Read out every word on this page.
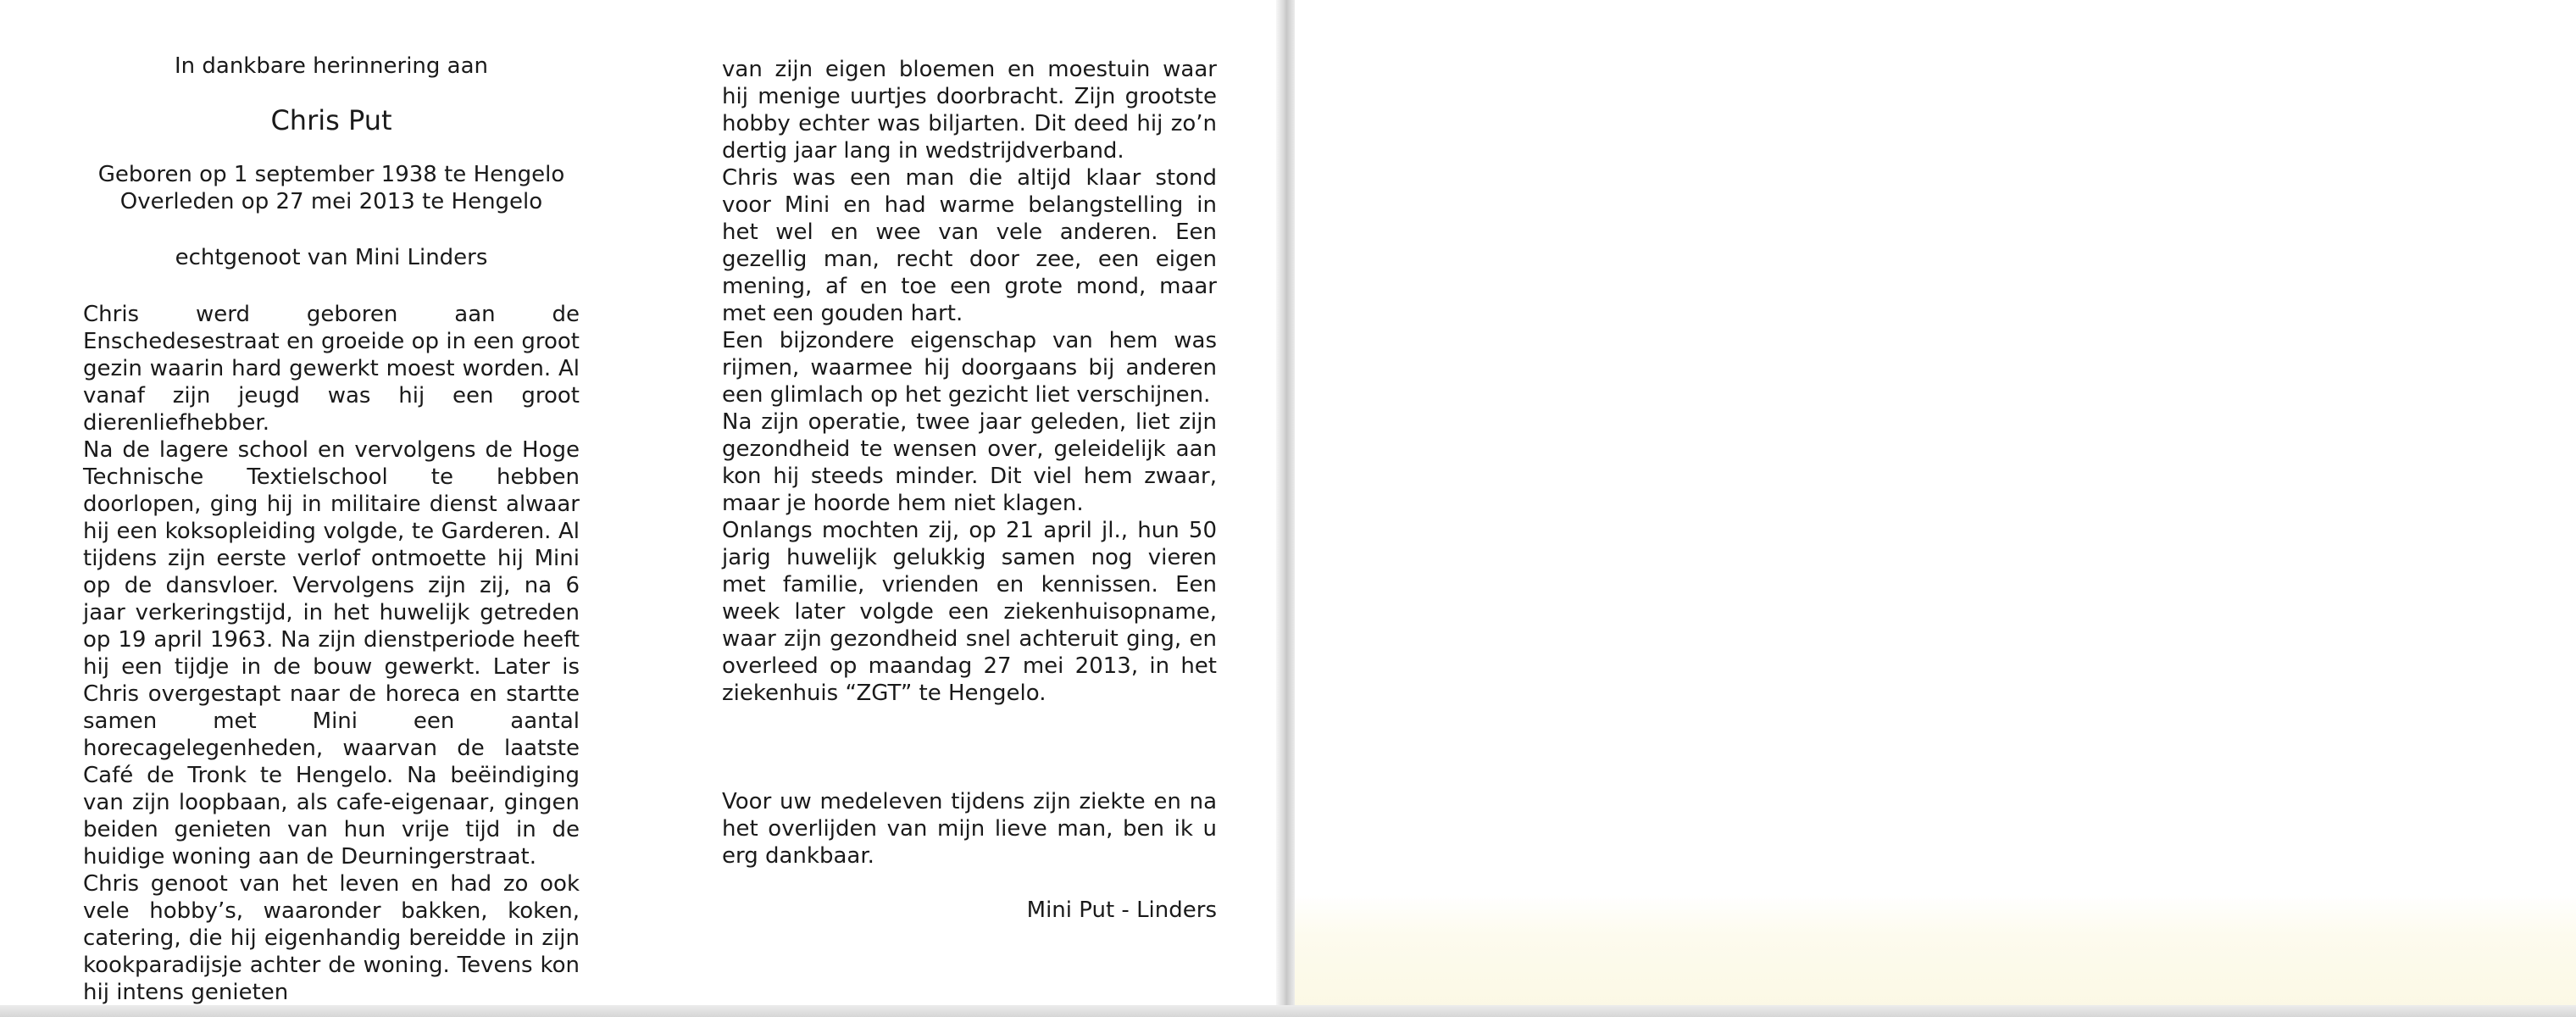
In dankbare herinnering aan
Chris Put
Geboren op 1 september 1938 te Hengelo
Overleden op 27 mei 2013 te Hengelo
echtgenoot van Mini Linders

Chris werd geboren aan de Enschedesestraat en groeide op in een groot gezin waarin hard gewerkt moest worden. Al vanaf zijn jeugd was hij een groot dierenliefhebber.

Na de lagere school en vervolgens de Hoge Technische Textielschool te hebben doorlopen, ging hij in militaire dienst alwaar hij een koksopleiding volgde, te Garderen. Al tijdens zijn eerste verlof ontmoette hij Mini op de dansvloer. Vervolgens zijn zij, na 6 jaar verkeringstijd, in het huwelijk getreden op 19 april 1963. Na zijn dienstperiode heeft hij een tijdje in de bouw gewerkt. Later is Chris overgestapt naar de horeca en startte samen met Mini een aantal horecagelegenheden, waarvan de laatste Café de Tronk te Hengelo. Na beëindiging van zijn loopbaan, als cafe-eigenaar, gingen beiden genieten van hun vrije tijd in de huidige woning aan de Deurningerstraat.

Chris genoot van het leven en had zo ook vele hobby’s, waaronder bakken, koken, catering, die hij eigenhandig bereidde in zijn kookparadijsje achter de woning. Tevens kon hij intens genieten

van zijn eigen bloemen en moestuin waar hij menige uurtjes doorbracht. Zijn grootste hobby echter was biljarten. Dit deed hij zo’n dertig jaar lang in wedstrijdverband.

Chris was een man die altijd klaar stond voor Mini en had warme belangstelling in het wel en wee van vele anderen. Een gezellig man, recht door zee, een eigen mening, af en toe een grote mond, maar met een gouden hart.

Een bijzondere eigenschap van hem was rijmen, waarmee hij doorgaans bij anderen een glimlach op het gezicht liet verschijnen.

Na zijn operatie, twee jaar geleden, liet zijn gezondheid te wensen over, geleidelijk aan kon hij steeds minder. Dit viel hem zwaar, maar je hoorde hem niet klagen.

Onlangs mochten zij, op 21 april jl., hun 50 jarig huwelijk gelukkig samen nog vieren met familie, vrienden en kennissen. Een week later volgde een ziekenhuisopname, waar zijn gezondheid snel achteruit ging, en overleed op maandag 27 mei 2013, in het ziekenhuis “ZGT” te Hengelo.

Voor uw medeleven tijdens zijn ziekte en na het overlijden van mijn lieve man, ben ik u erg dankbaar.
Mini Put - Linders
